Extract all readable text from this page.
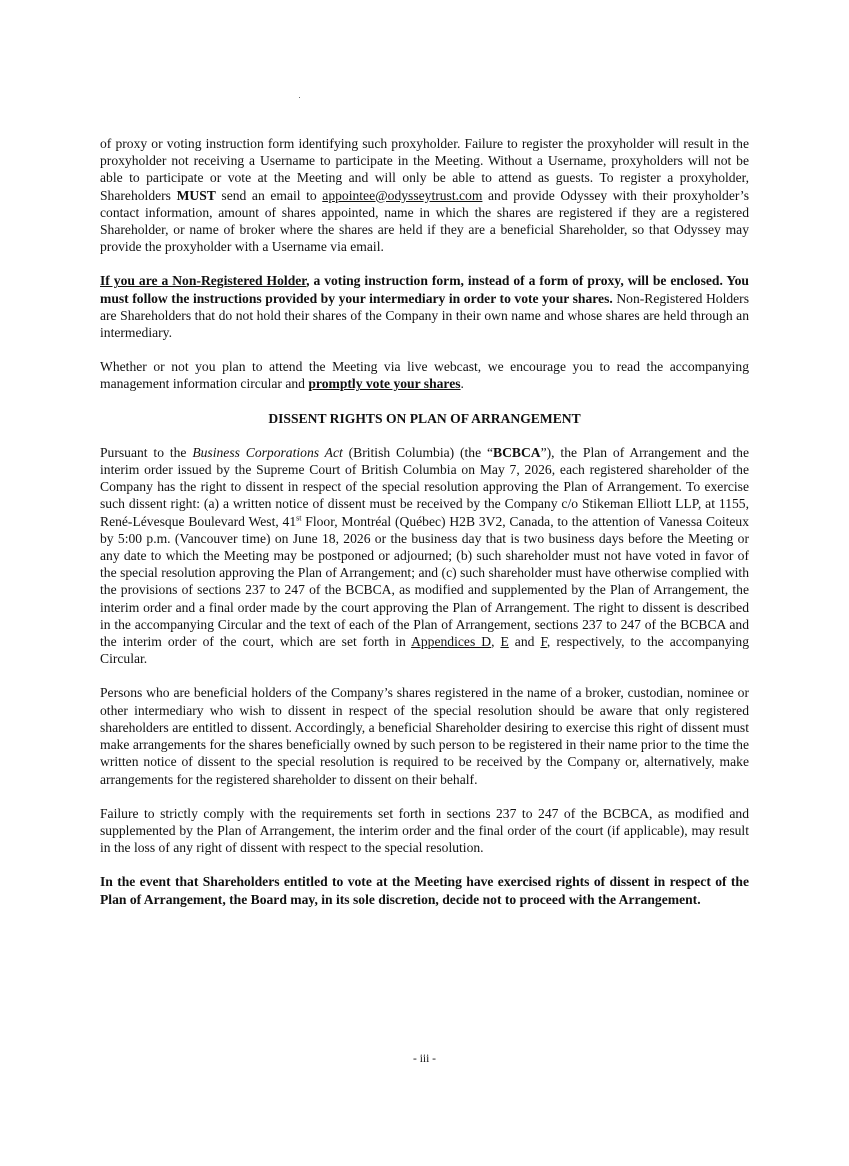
of proxy or voting instruction form identifying such proxyholder. Failure to register the proxyholder will result in the proxyholder not receiving a Username to participate in the Meeting. Without a Username, proxyholders will not be able to participate or vote at the Meeting and will only be able to attend as guests. To register a proxyholder, Shareholders MUST send an email to appointee@odysseytrust.com and provide Odyssey with their proxyholder’s contact information, amount of shares appointed, name in which the shares are registered if they are a registered Shareholder, or name of broker where the shares are held if they are a beneficial Shareholder, so that Odyssey may provide the proxyholder with a Username via email.

If you are a Non-Registered Holder, a voting instruction form, instead of a form of proxy, will be enclosed. You must follow the instructions provided by your intermediary in order to vote your shares. Non-Registered Holders are Shareholders that do not hold their shares of the Company in their own name and whose shares are held through an intermediary.

Whether or not you plan to attend the Meeting via live webcast, we encourage you to read the accompanying management information circular and promptly vote your shares.

DISSENT RIGHTS ON PLAN OF ARRANGEMENT

Pursuant to the Business Corporations Act (British Columbia) (the “BCBCA”), the Plan of Arrangement and the interim order issued by the Supreme Court of British Columbia on May 7, 2026, each registered shareholder of the Company has the right to dissent in respect of the special resolution approving the Plan of Arrangement. To exercise such dissent right: (a) a written notice of dissent must be received by the Company c/o Stikeman Elliott LLP, at 1155, René-Lévesque Boulevard West, 41st Floor, Montréal (Québec) H2B 3V2, Canada, to the attention of Vanessa Coiteux by 5:00 p.m. (Vancouver time) on June 18, 2026 or the business day that is two business days before the Meeting or any date to which the Meeting may be postponed or adjourned; (b) such shareholder must not have voted in favor of the special resolution approving the Plan of Arrangement; and (c) such shareholder must have otherwise complied with the provisions of sections 237 to 247 of the BCBCA, as modified and supplemented by the Plan of Arrangement, the interim order and a final order made by the court approving the Plan of Arrangement. The right to dissent is described in the accompanying Circular and the text of each of the Plan of Arrangement, sections 237 to 247 of the BCBCA and the interim order of the court, which are set forth in Appendices D, E and F, respectively, to the accompanying Circular.

Persons who are beneficial holders of the Company’s shares registered in the name of a broker, custodian, nominee or other intermediary who wish to dissent in respect of the special resolution should be aware that only registered shareholders are entitled to dissent. Accordingly, a beneficial Shareholder desiring to exercise this right of dissent must make arrangements for the shares beneficially owned by such person to be registered in their name prior to the time the written notice of dissent to the special resolution is required to be received by the Company or, alternatively, make arrangements for the registered shareholder to dissent on their behalf.

Failure to strictly comply with the requirements set forth in sections 237 to 247 of the BCBCA, as modified and supplemented by the Plan of Arrangement, the interim order and the final order of the court (if applicable), may result in the loss of any right of dissent with respect to the special resolution.

In the event that Shareholders entitled to vote at the Meeting have exercised rights of dissent in respect of the Plan of Arrangement, the Board may, in its sole discretion, decide not to proceed with the Arrangement.

- iii -
